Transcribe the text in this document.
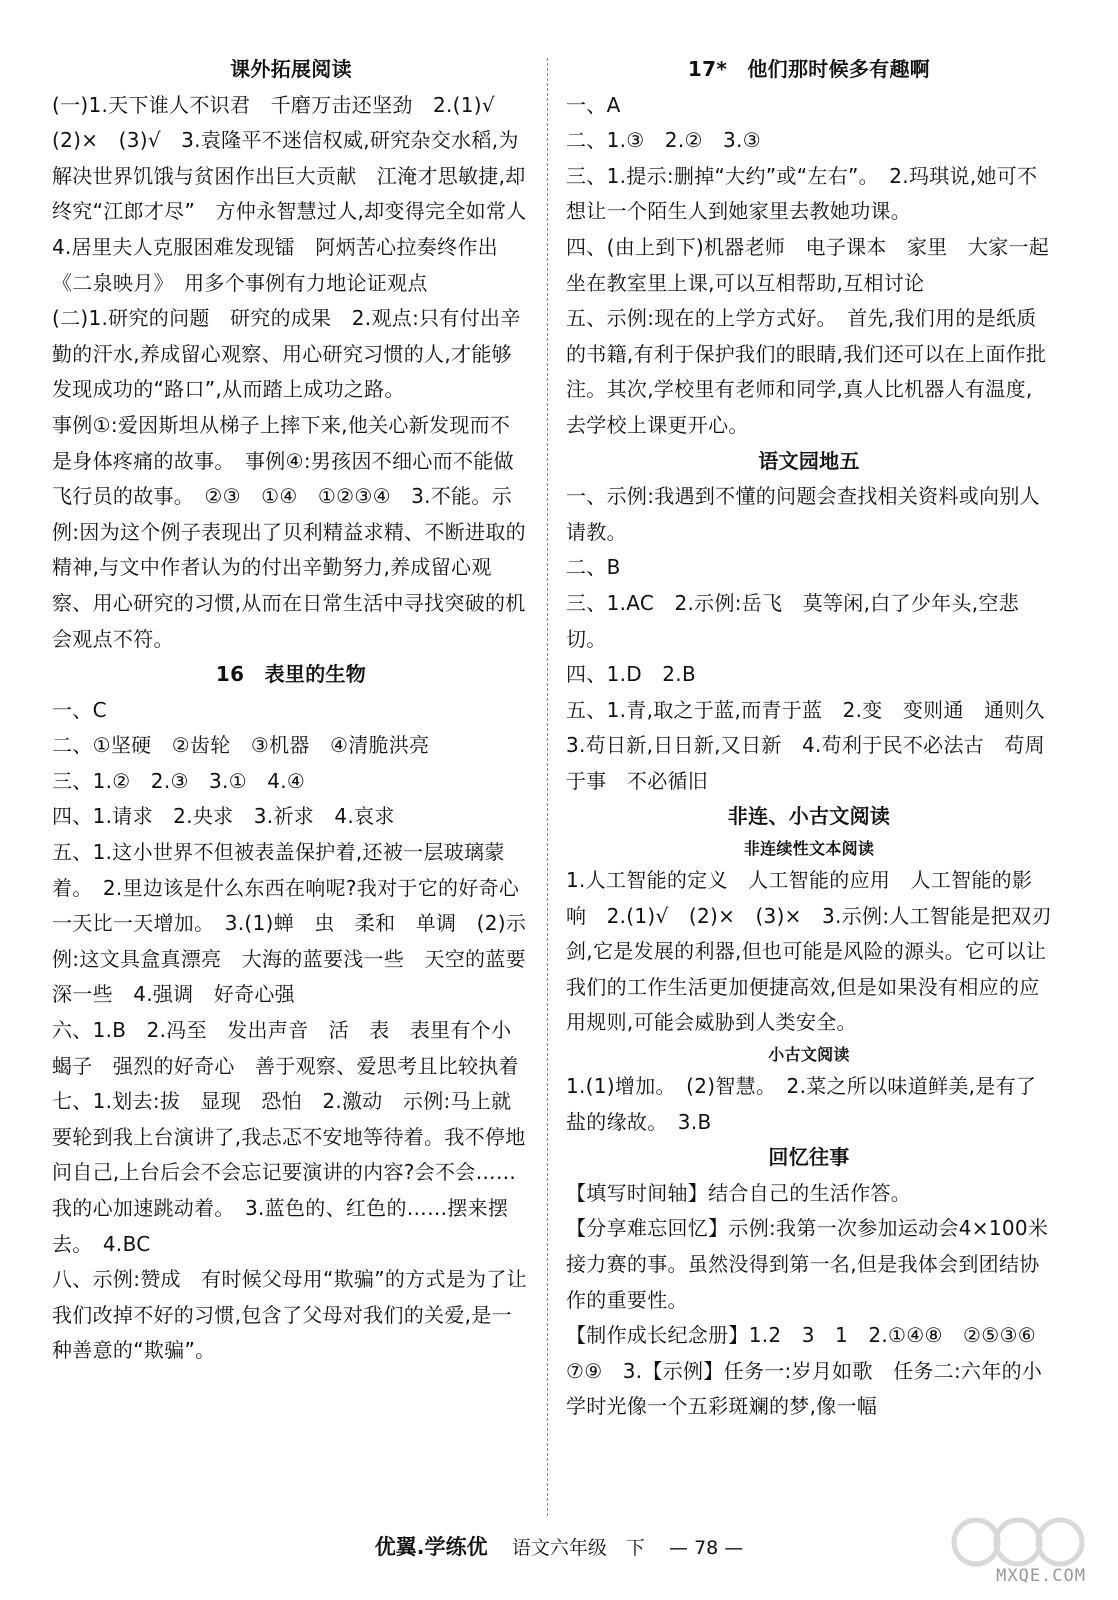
课外拓展阅读
(一)1.天下谁人不识君　千磨万击还坚劲　2.(1)√
(2)×　(3)√　3.袁隆平不迷信权威,研究杂交水稻,为解决世界饥饿与贫困作出巨大贡献　江淹才思敏捷,却终究“江郎才尽”　方仲永智慧过人,却变得完全如常人　4.居里夫人克服困难发现镭　阿炳苦心拉奏终作出《二泉映月》　用多个事例有力地论证观点
(二)1.研究的问题　研究的成果　2.观点:只有付出辛勤的汗水,养成留心观察、用心研究习惯的人,才能够发现成功的“路口”,从而踏上成功之路。
事例①:爱因斯坦从梯子上摔下来,他关心新发现而不是身体疼痛的故事。　事例④:男孩因不细心而不能做飞行员的故事。　②③　①④　①②③④　3.不能。示例:因为这个例子表现出了贝利精益求精、不断进取的精神,与文中作者认为的付出辛勤努力,养成留心观察、用心研究的习惯,从而在日常生活中寻找突破的机会观点不符。
16　表里的生物
一、C
二、①坚硬　②齿轮　③机器　④清脆洪亮
三、1.②　2.③　3.①　4.④
四、1.请求　2.央求　3.祈求　4.哀求
五、1.这小世界不但被表盖保护着,还被一层玻璃蒙着。　2.里边该是什么东西在响呢?我对于它的好奇心一天比一天增加。　3.(1)蝉　虫　柔和　单调　(2)示例:这文具盒真漂亮　大海的蓝要浅一些　天空的蓝要深一些　4.强调　好奇心强
六、1.B　2.冯至　发出声音　活　表　表里有个小蝎子　强烈的好奇心　善于观察、爱思考且比较执着
七、1.划去:拔　显现　恐怕　2.激动　示例:马上就要轮到我上台演讲了,我忐忑不安地等待着。我不停地问自己,上台后会不会忘记要演讲的内容?会不会……我的心加速跳动着。　3.蓝色的、红色的……摆来摆去。　4.BC
八、示例:赞成　有时候父母用“欺骗”的方式是为了让我们改掉不好的习惯,包含了父母对我们的关爱,是一种善意的“欺骗”。
17*　他们那时候多有趣啊
一、A
二、1.③　2.②　3.③
三、1.提示:删掉“大约”或“左右”。　2.玛琪说,她可不想让一个陌生人到她家里去教她功课。
四、(由上到下)机器老师　电子课本　家里　大家一起坐在教室里上课,可以互相帮助,互相讨论
五、示例:现在的上学方式好。　首先,我们用的是纸质的书籍,有利于保护我们的眼睛,我们还可以在上面作批注。其次,学校里有老师和同学,真人比机器人有温度,去学校上课更开心。
语文园地五
一、示例:我遇到不懂的问题会查找相关资料或向别人请教。
二、B
三、1.AC　2.示例:岳飞　莫等闲,白了少年头,空悲切。
四、1.D　2.B
五、1.青,取之于蓝,而青于蓝　2.变　变则通　通则久　3.苟日新,日日新,又日新　4.苟利于民不必法古　苟周于事　不必循旧
非连、小古文阅读
非连续性文本阅读
1.人工智能的定义　人工智能的应用　人工智能的影响　2.(1)√　(2)×　(3)×　3.示例:人工智能是把双刃剑,它是发展的利器,但也可能是风险的源头。它可以让我们的工作生活更加便捷高效,但是如果没有相应的应用规则,可能会威胁到人类安全。
小古文阅读
1.(1)增加。　(2)智慧。　2.菜之所以味道鲜美,是有了盐的缘故。　3.B
回忆往事
【填写时间轴】结合自己的生活作答。
【分享难忘回忆】示例:我第一次参加运动会4×100米接力赛的事。虽然没得到第一名,但是我体会到团结协作的重要性。
【制作成长纪念册】1.2　3　1　2.①④⑧　②⑤③⑥　⑦⑨　3.【示例】任务一:岁月如歌　任务二:六年的小学时光像一个五彩斑斓的梦,像一幅
优翼.学练优 语文六年级　下 — 78 —
MXQE.COM
